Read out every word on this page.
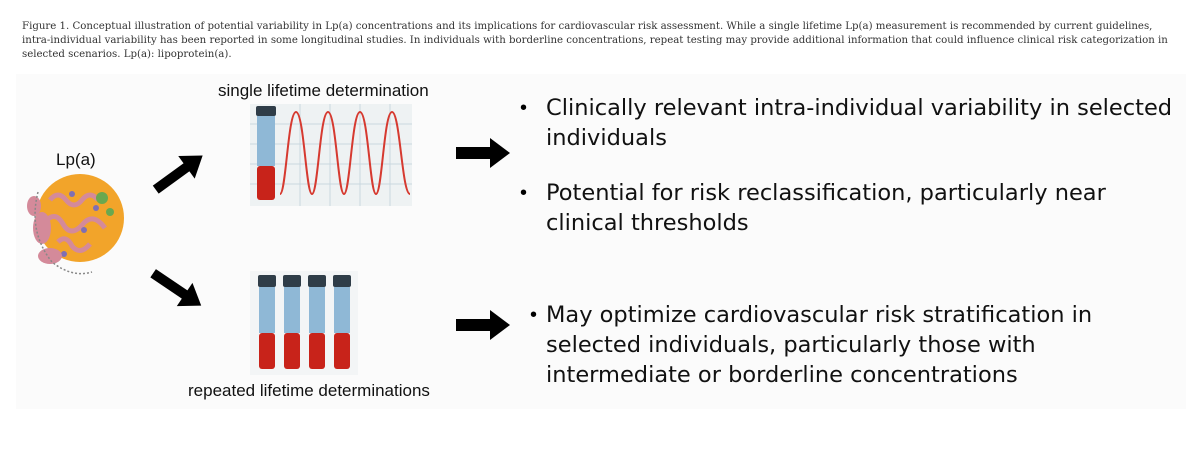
Figure 1. Conceptual illustration of potential variability in Lp(a) concentrations and its implications for cardiovascular risk assessment. While a single lifetime Lp(a) measurement is recommended by current guidelines, intra-individual variability has been reported in some longitudinal studies. In individuals with borderline concentrations, repeat testing may provide additional information that could influence clinical risk categorization in selected scenarios. Lp(a): lipoprotein(a).
Lp(a)
single lifetime determination
• Clinically relevant intra-individual variability in selected individuals
• Potential for risk reclassification, particularly near clinical thresholds
repeated lifetime determinations
• May optimize cardiovascular risk stratification in selected individuals, particularly those with intermediate or borderline concentrations
